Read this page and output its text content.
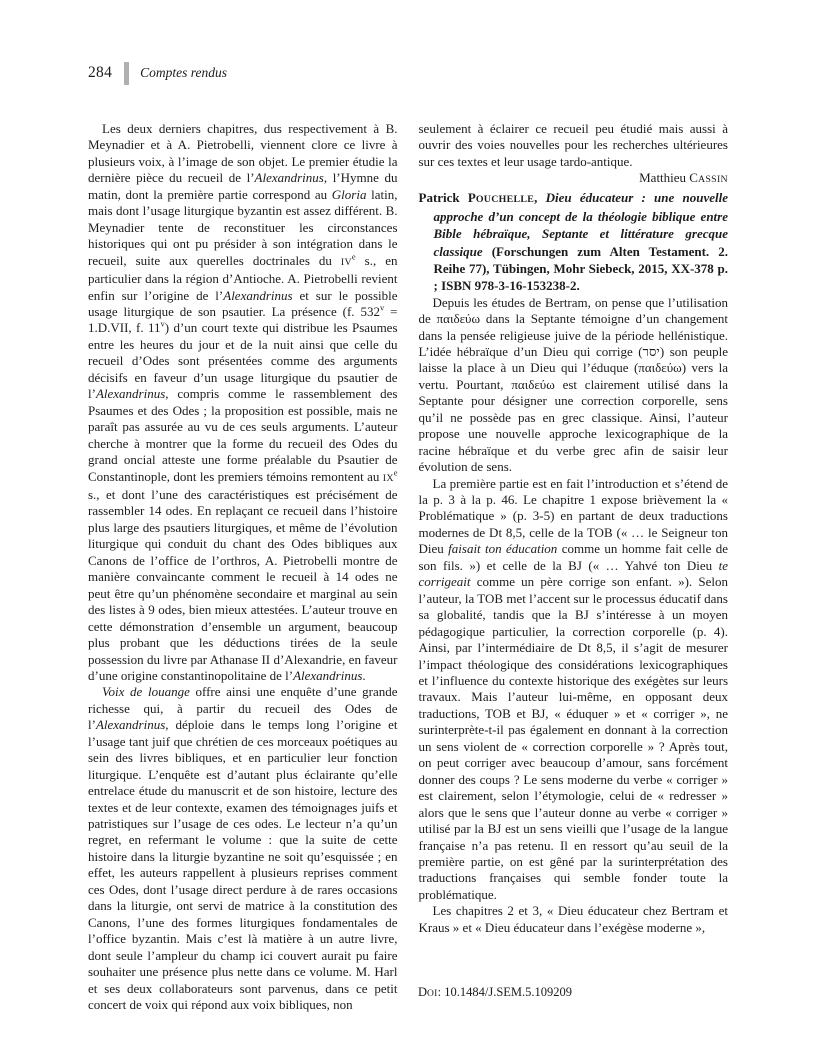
284 Comptes rendus

Les deux derniers chapitres, dus respectivement à B. Meynadier et à A. Pietrobelli, viennent clore ce livre à plusieurs voix, à l’image de son objet. Le premier étudie la dernière pièce du recueil de l’Alexandrinus, l’Hymne du matin, dont la première partie correspond au Gloria latin, mais dont l’usage liturgique byzantin est assez différent. B. Meynadier tente de reconstituer les circonstances historiques qui ont pu présider à son intégration dans le recueil, suite aux querelles doctrinales du IVe s., en particulier dans la région d’Antioche. A. Pietrobelli revient enfin sur l’origine de l’Alexandrinus et sur le possible usage liturgique de son psautier. La présence (f. $532^v = 1.D.VII$, f. 11$^v$) d’un court texte qui distribue les Psaumes entre les heures du jour et de la nuit ainsi que celle du recueil d’Odes sont présentées comme des arguments décisifs en faveur d’un usage liturgique du psautier de l’Alexandrinus, compris comme le rassemblement des Psaumes et des Odes ; la proposition est possible, mais ne paraît pas assurée au vu de ces seuls arguments. L’auteur cherche à montrer que la forme du recueil des Odes du grand oncial atteste une forme préalable du Psautier de Constantinople, dont les premiers témoins remontent au IXe s., et dont l’une des caractéristiques est précisément de rassembler 14 odes. En replaçant ce recueil dans l’histoire plus large des psautiers liturgiques, et même de l’évolution liturgique qui conduit du chant des Odes bibliques aux Canons de l’office de l’orthros, A. Pietrobelli montre de manière convaincante comment le recueil à 14 odes ne peut être qu’un phénomène secondaire et marginal au sein des listes à 9 odes, bien mieux attestées. L’auteur trouve en cette démonstration d’ensemble un argument, beaucoup plus probant que les déductions tirées de la seule possession du livre par Athanase II d’Alexandrie, en faveur d’une origine constantinopolitaine de l’Alexandrinus.

Voix de louange offre ainsi une enquête d’une grande richesse qui, à partir du recueil des Odes de l’Alexandrinus, déploie dans le temps long l’origine et l’usage tant juif que chrétien de ces morceaux poétiques au sein des livres bibliques, et en particulier leur fonction liturgique. L’enquête est d’autant plus éclairante qu’elle entrelace étude du manuscrit et de son histoire, lecture des textes et de leur contexte, examen des témoignages juifs et patristiques sur l’usage de ces odes. Le lecteur n’a qu’un regret, en refermant le volume : que la suite de cette histoire dans la liturgie byzantine ne soit qu’esquissée ; en effet, les auteurs rappellent à plusieurs reprises comment ces Odes, dont l’usage direct perdure à de rares occasions dans la liturgie, ont servi de matrice à la constitution des Canons, l’une des formes liturgiques fondamentales de l’office byzantin. Mais c’est là matière à un autre livre, dont seule l’ampleur du champ ici couvert aurait pu faire souhaiter une présence plus nette dans ce volume. M. Harl et ses deux collaborateurs sont parvenus, dans ce petit concert de voix qui répond aux voix bibliques, non

seulement à éclairer ce recueil peu étudié mais aussi à ouvrir des voies nouvelles pour les recherches ultérieures sur ces textes et leur usage tardo-antique.

Matthieu CASSIN

Patrick POUCHELLE, Dieu éducateur : une nouvelle approche d’un concept de la théologie biblique entre Bible hébraïque, Septante et littérature grecque classique (Forschungen zum Alten Testament. 2. Reihe 77), Tübingen, Mohr Siebeck, 2015, XX-378 p. ; ISBN 978-3-16-153238-2.

Depuis les études de Bertram, on pense que l’utilisation de παιδεύω dans la Septante témoigne d’un changement dans la pensée religieuse juive de la période hellénistique. L’idée hébraïque d’un Dieu qui corrige (יסר) son peuple laisse la place à un Dieu qui l’éduque (παιδεύω) vers la vertu. Pourtant, παιδεύω est clairement utilisé dans la Septante pour désigner une correction corporelle, sens qu’il ne possède pas en grec classique. Ainsi, l’auteur propose une nouvelle approche lexicographique de la racine hébraïque et du verbe grec afin de saisir leur évolution de sens.

La première partie est en fait l’introduction et s’étend de la p. 3 à la p. 46. Le chapitre 1 expose brièvement la « Problématique » (p. 3-5) en partant de deux traductions modernes de Dt 8,5, celle de la TOB (« … le Seigneur ton Dieu faisait ton éducation comme un homme fait celle de son fils. ») et celle de la BJ (« … Yahvé ton Dieu te corrigeait comme un père corrige son enfant. »). Selon l’auteur, la TOB met l’accent sur le processus éducatif dans sa globalité, tandis que la BJ s’intéresse à un moyen pédagogique particulier, la correction corporelle (p. 4). Ainsi, par l’intermédiaire de Dt 8,5, il s’agit de mesurer l’impact théologique des considérations lexicographiques et l’influence du contexte historique des exégètes sur leurs travaux. Mais l’auteur lui-même, en opposant deux traductions, TOB et BJ, « éduquer » et « corriger », ne surinterprète-t-il pas également en donnant à la correction un sens violent de « correction corporelle » ? Après tout, on peut corriger avec beaucoup d’amour, sans forcément donner des coups ? Le sens moderne du verbe « corriger » est clairement, selon l’étymologie, celui de « redresser » alors que le sens que l’auteur donne au verbe « corriger » utilisé par la BJ est un sens vieilli que l’usage de la langue française n’a pas retenu. Il en ressort qu’au seuil de la première partie, on est gêné par la surinterprétation des traductions françaises qui semble fonder toute la problématique.

Les chapitres 2 et 3, « Dieu éducateur chez Bertram et Kraus » et « Dieu éducateur dans l’exégèse moderne »,

DOI: 10.1484/J.SEM.5.109209
